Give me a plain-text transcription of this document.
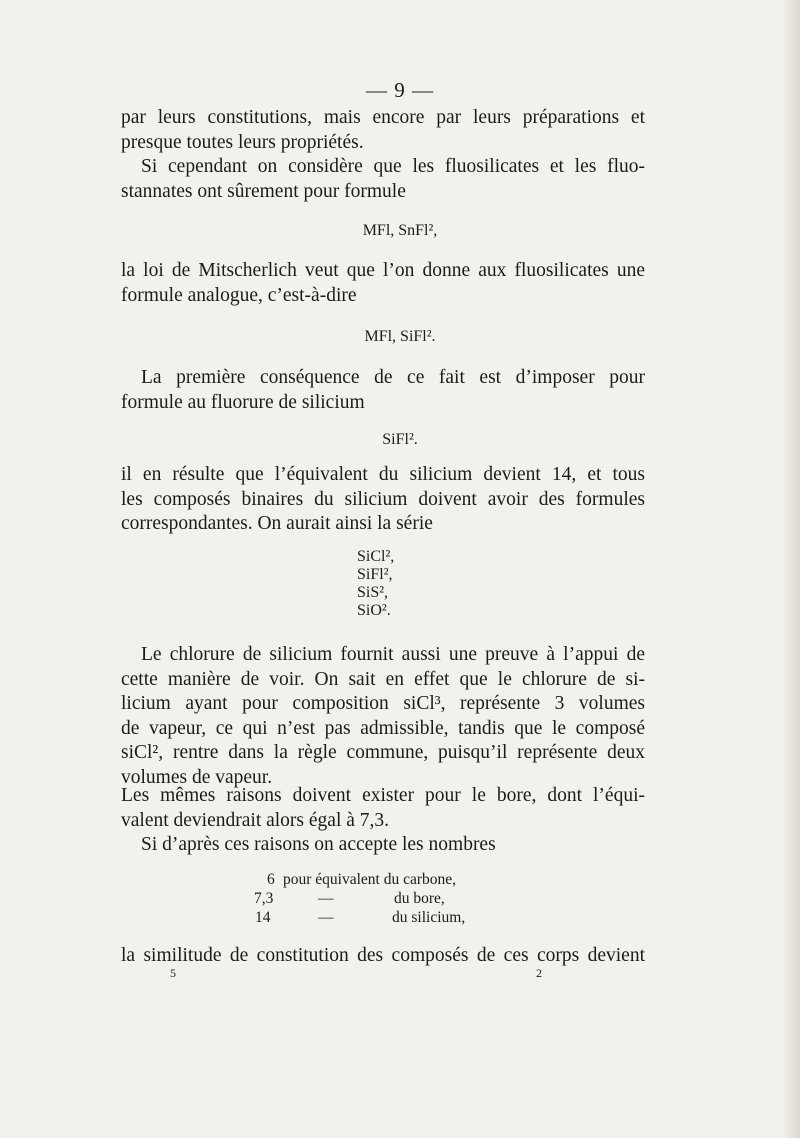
— 9 —
par leurs constitutions, mais encore par leurs préparations et
presque toutes leurs propriétés.
Si cependant on considère que les fluosilicates et les fluo-
stannates ont sûrement pour formule
MFl, SnFl²,
la loi de Mitscherlich veut que l’on donne aux fluosilicates une
formule analogue, c’est-à-dire
MFl, SiFl².
La première conséquence de ce fait est d’imposer pour
formule au fluorure de silicium
SiFl².
il en résulte que l’équivalent du silicium devient 14, et tous
les composés binaires du silicium doivent avoir des formules
correspondantes. On aurait ainsi la série
SiCl²,
SiFl²,
SiS²,
SiO².
Le chlorure de silicium fournit aussi une preuve à l’appui de
cette manière de voir. On sait en effet que le chlorure de si-
licium ayant pour composition siCl³, représente 3 volumes
de vapeur, ce qui n’est pas admissible, tandis que le composé
siCl², rentre dans la règle commune, puisqu’il représente deux
volumes de vapeur.
Les mêmes raisons doivent exister pour le bore, dont l’équi-
valent deviendrait alors égal à 7,3.
Si d’après ces raisons on accepte les nombres
6 pour équivalent du carbone,
7,3	—	du bore,
14	—	du silicium,
la similitude de constitution des composés de ces corps devient
5	2
